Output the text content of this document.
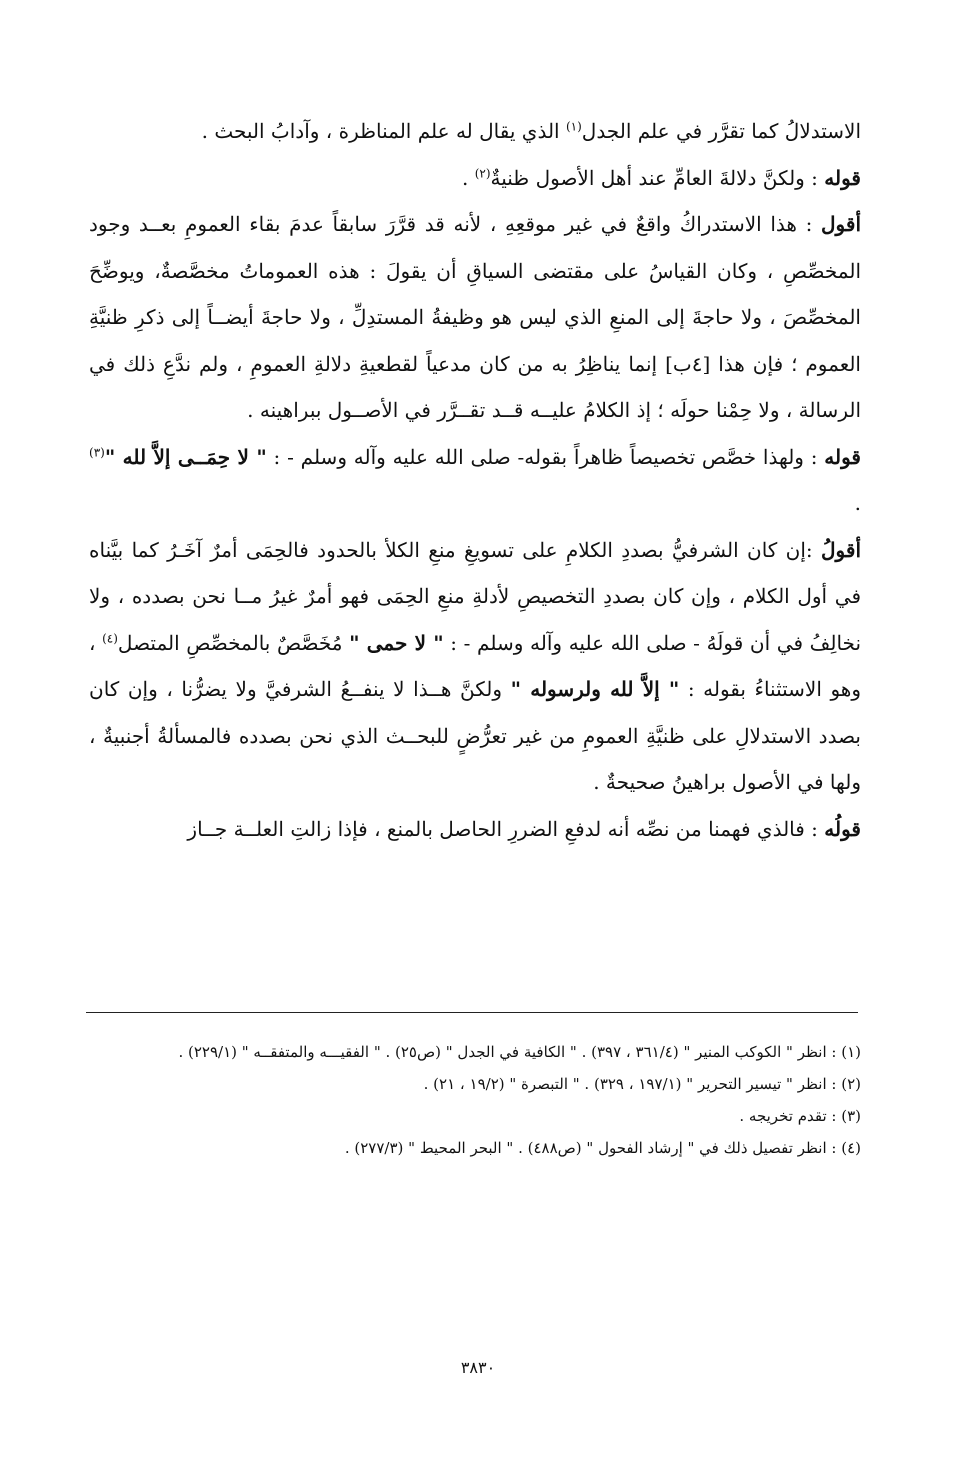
الاستدلالُ كما تقرَّر في علم الجدل$^{(١)}$ الذي يقال له علم المناظرة ، وآدابُ البحث .

قوله : ولكنَّ دلالةَ العامِّ عند أهل الأصول ظنيةٌ$^{(٢)}$ .

أقول : هذا الاستدراكُ واقعٌ في غير موقعِهِ ، لأنه قد قرَّرَ سابقاً عدمَ بقاء العمومِ بعــد وجود المخصِّصِ ، وكان القياسُ على مقتضى السياقِ أن يقولَ : هذه العموماتُ مخصَّصةٌ، ويوضِّحَ المخصِّصَ ، ولا حاجةَ إلى المنعِ الذي ليس هو وظيفةُ المستدِلِّ ، ولا حاجةَ أيضــاً إلى ذكرِ ظنيَّةِ العموم ؛ فإن هذا [٤ب] إنما يناظِرُ به من كان مدعياً لقطعيةِ دلالةِ العمومِ ، ولم ندَّعِ ذلك في الرسالة ، ولا حِمْنا حولَه ؛ إذ الكلامُ عليــه قــد تقــرَّر في الأصــول ببراهينه .

قوله : ولهذا خصَّص تخصيصاً ظاهراً بقوله- صلى الله عليه وآله وسلم - : " لا حِمَــى إلاَّ لله "$^{(٣)}$ .

أقولُ :إن كان الشرفيُّ بصددِ الكلامِ على تسويغِ منعِ الكلأ بالحدود فالحِمَى أمرٌ آخَـرُ كما بيَّناه في أول الكلام ، وإن كان بصددِ التخصيصِ لأدلةِ منعِ الحِمَى فهو أمرٌ غيرُ مــا نحن بصدده ، ولا نخالِفُ في أن قولَهُ - صلى الله عليه وآله وسلم - : " لا حمى " مُخَصَّصٌ بالمخصِّصِ المتصل$^{(٤)}$ ، وهو الاستثناءُ بقوله : " إلاَّ لله ولرسوله " ولكنَّ هــذا لا ينفــعُ الشرفيَّ ولا يضرُّنا ، وإن كان بصدد الاستدلالِ على ظنيَّةِ العمومِ من غير تعرُّضٍ للبحــث الذي نحن بصدده فالمسألةُ أجنبيةٌ ، ولها في الأصول براهينُ صحيحةٌ .

قولُه : فالذي فهمنا من نصِّه أنه لدفعِ الضررِ الحاصل بالمنع ، فإذا زالتِ العلــة جــاز

(١) : انظر " الكوكب المنير " (٣٦١/٤ ، ٣٩٧) . " الكافية في الجدل " (ص٢٥) . " الفقيـــه والمتفقــه " (٢٢٩/١) .

(٢) : انظر " تيسير التحرير " (١٩٧/١ ، ٣٢٩) . " التبصرة " (١٩/٢ ، ٢١) .

(٣) : تقدم تخريجه .

(٤) : انظر تفصيل ذلك في " إرشاد الفحول " (ص٤٨٨) . " البحر المحيط " (٢٧٧/٣) .

٣٨٣٠
